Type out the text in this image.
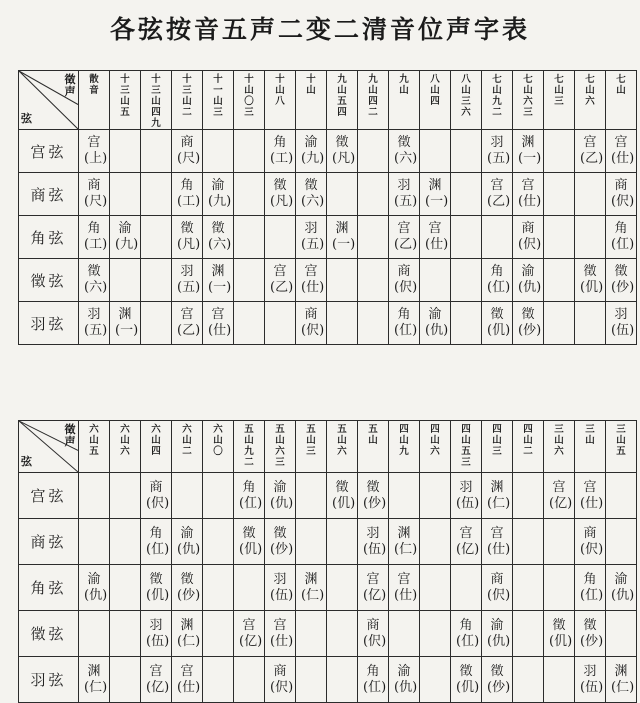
各弦按音五声二变二清音位声字表
徵声
弦	散音	十三山五	十三山四九	十三山二	十一山三	十山〇三	十山八	十山	九山五四	九山四二	九山	八山四	八山三六	七山九二	七山六三	七山三	七山六	七山

宫弦	宫(上)			商(尺)			角(工)	渝(九)	徵(凡)		徵(六)			羽(五)	渊(一)		宫(乙)	宫(仕)
商弦	商(尺)			角(工)	渝(九)		徵(凡)	徵(六)			羽(五)	渊(一)		宫(乙)	宫(仕)			商(伬)
角弦	角(工)	渝(九)		徵(凡)	徵(六)			羽(五)	渊(一)		宫(乙)	宫(仕)			商(伬)			角(仜)
徵弦	徵(六)			羽(五)	渊(一)		宫(乙)	宫(仕)			商(伬)			角(仜)	渝(仇)		徵(仉)	徵(仯)
羽弦	羽(五)	渊(一)		宫(乙)	宫(仕)			商(伬)			角(仜)	渝(仇)		徵(仉)	徵(仯)			羽(伍)
徵声
弦	六山五	六山六	六山四	六山二	六山〇	五山九二	五山六三	五山三	五山六	五山	四山九	四山六	四山五三	四山三	四山二	三山六	三山	三山五

宫弦			商(伬)			角(仜)	渝(仇)		徵(仉)	徵(仯)			羽(伍)	渊(仁)		宫(亿)	宫(仕)	
商弦			角(仜)	渝(仇)		徵(仉)	徵(仯)			羽(伍)	渊(仁)		宫(亿)	宫(仕)			商(伬)	
角弦	渝(仇)		徵(仉)	徵(仯)			羽(伍)	渊(仁)		宫(亿)	宫(仕)			商(伬)			角(仜)	渝(仇)
徵弦			羽(伍)	渊(仁)		宫(亿)	宫(仕)			商(伬)			角(仜)	渝(仇)		徵(仉)	徵(仯)	
羽弦	渊(仁)		宫(亿)	宫(仕)			商(伬)			角(仜)	渝(仇)		徵(仉)	徵(仯)			羽(伍)	渊(仁)
